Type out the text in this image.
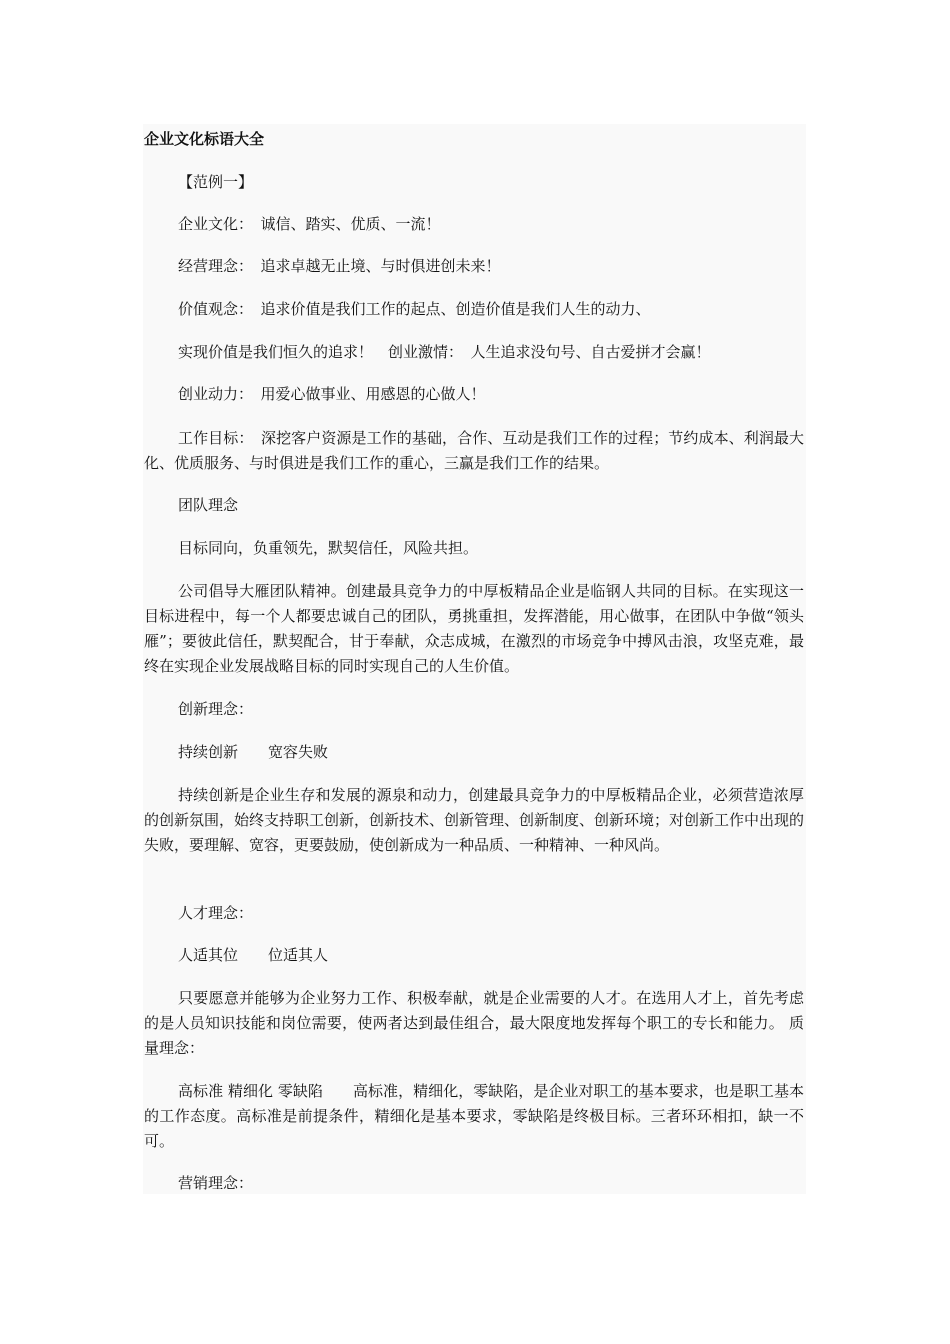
企业文化标语大全

【范例一】

企业文化：　诚信、踏实、优质、一流！

经营理念：　追求卓越无止境、与时俱进创未来！

价值观念：　追求价值是我们工作的起点、创造价值是我们人生的动力、

实现价值是我们恒久的追求！　创业激情：　人生追求没句号、自古爱拼才会赢！

创业动力：　用爱心做事业、用感恩的心做人！

工作目标：　深挖客户资源是工作的基础，合作、互动是我们工作的过程；节约成本、利润最大化、优质服务、与时俱进是我们工作的重心，三赢是我们工作的结果。

团队理念

目标同向，负重领先，默契信任，风险共担。

公司倡导大雁团队精神。创建最具竞争力的中厚板精品企业是临钢人共同的目标。在实现这一目标进程中，每一个人都要忠诚自己的团队，勇挑重担，发挥潜能，用心做事，在团队中争做“领头雁”；要彼此信任，默契配合，甘于奉献，众志成城，在激烈的市场竞争中搏风击浪，攻坚克难，最终在实现企业发展战略目标的同时实现自己的人生价值。

创新理念：

持续创新　　宽容失败

持续创新是企业生存和发展的源泉和动力，创建最具竞争力的中厚板精品企业，必须营造浓厚的创新氛围，始终支持职工创新，创新技术、创新管理、创新制度、创新环境；对创新工作中出现的失败，要理解、宽容，更要鼓励，使创新成为一种品质、一种精神、一种风尚。

人才理念：

人适其位　　位适其人

只要愿意并能够为企业努力工作、积极奉献，就是企业需要的人才。在选用人才上，首先考虑的是人员知识技能和岗位需要，使两者达到最佳组合，最大限度地发挥每个职工的专长和能力。 质量理念：

高标准 精细化 零缺陷　　高标准，精细化，零缺陷，是企业对职工的基本要求，也是职工基本的工作态度。高标准是前提条件，精细化是基本要求，零缺陷是终极目标。三者环环相扣，缺一不可。

营销理念：
